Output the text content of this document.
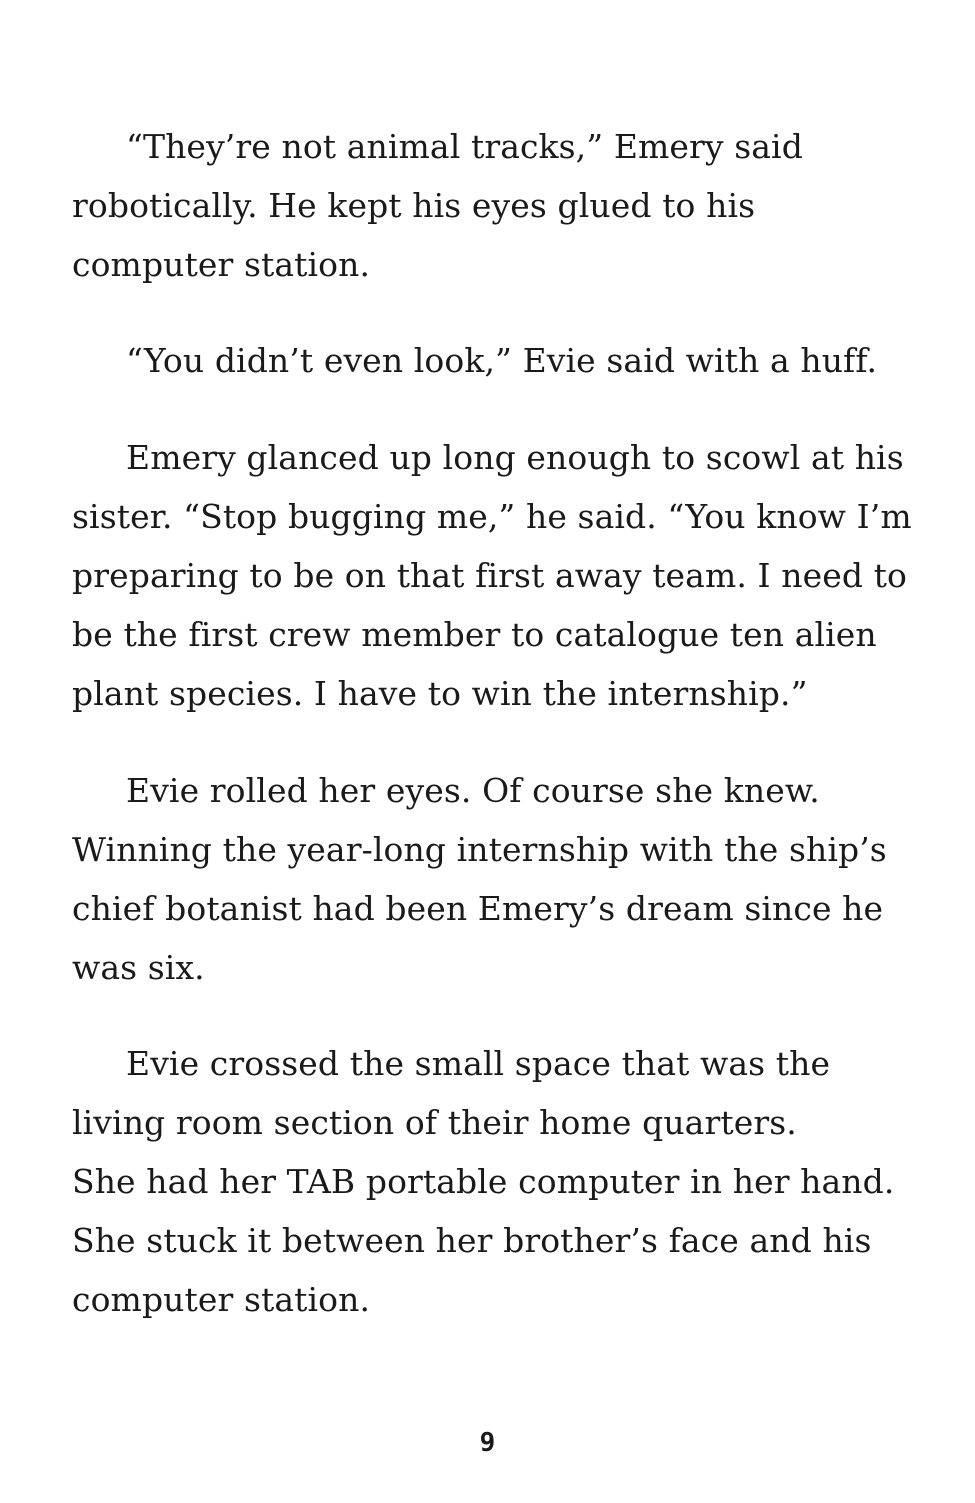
“They’re not animal tracks,” Emery said
robotically. He kept his eyes glued to his
computer station.

“You didn’t even look,” Evie said with a huff.

Emery glanced up long enough to scowl at his
sister. “Stop bugging me,” he said. “You know I’m
preparing to be on that first away team. I need to
be the first crew member to catalogue ten alien
plant species. I have to win the internship.”

Evie rolled her eyes. Of course she knew.
Winning the year-long internship with the ship’s
chief botanist had been Emery’s dream since he
was six.

Evie crossed the small space that was the
living room section of their home quarters.
She had her TAB portable computer in her hand.
She stuck it between her brother’s face and his
computer station.

9
